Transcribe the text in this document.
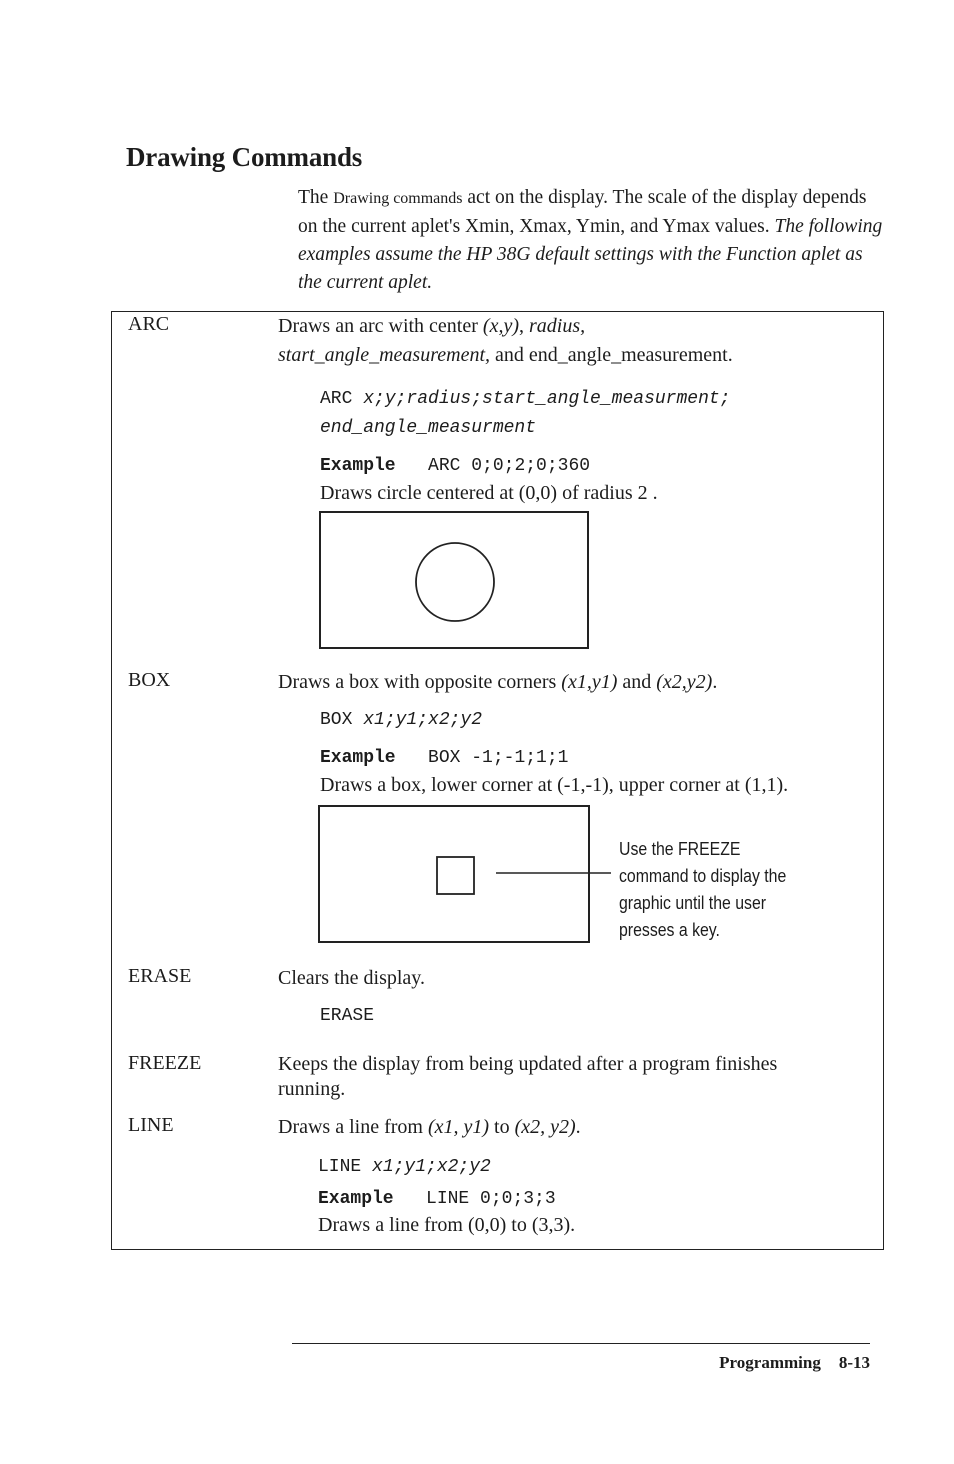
Drawing Commands
The Drawing commands act on the display. The scale of the display depends on the current aplet's Xmin, Xmax, Ymin, and Ymax values. The following examples assume the HP 38G default settings with the Function aplet as the current aplet.
ARC	Draws an arc with center (x,y), radius,
start_angle_measurement, and end_angle_measurement.
ARC x;y;radius;start_angle_measurment;
end_angle_measurment
Example ARC 0;0;2;0;360
Draws circle centered at (0,0) of radius 2 .
BOX	Draws a box with opposite corners (x1,y1) and (x2,y2).
BOX x1;y1;x2;y2
Example BOX -1;-1;1;1
Draws a box, lower corner at (-1,-1), upper corner at (1,1).
Use the FREEZE
command to display the
graphic until the user
presses a key.
ERASE	Clears the display.
ERASE
FREEZE	Keeps the display from being updated after a program finishes
running.
LINE	Draws a line from (x1, y1) to (x2, y2).
LINE x1;y1;x2;y2
Example LINE 0;0;3;3
Draws a line from (0,0) to (3,3).
Programming 8-13
